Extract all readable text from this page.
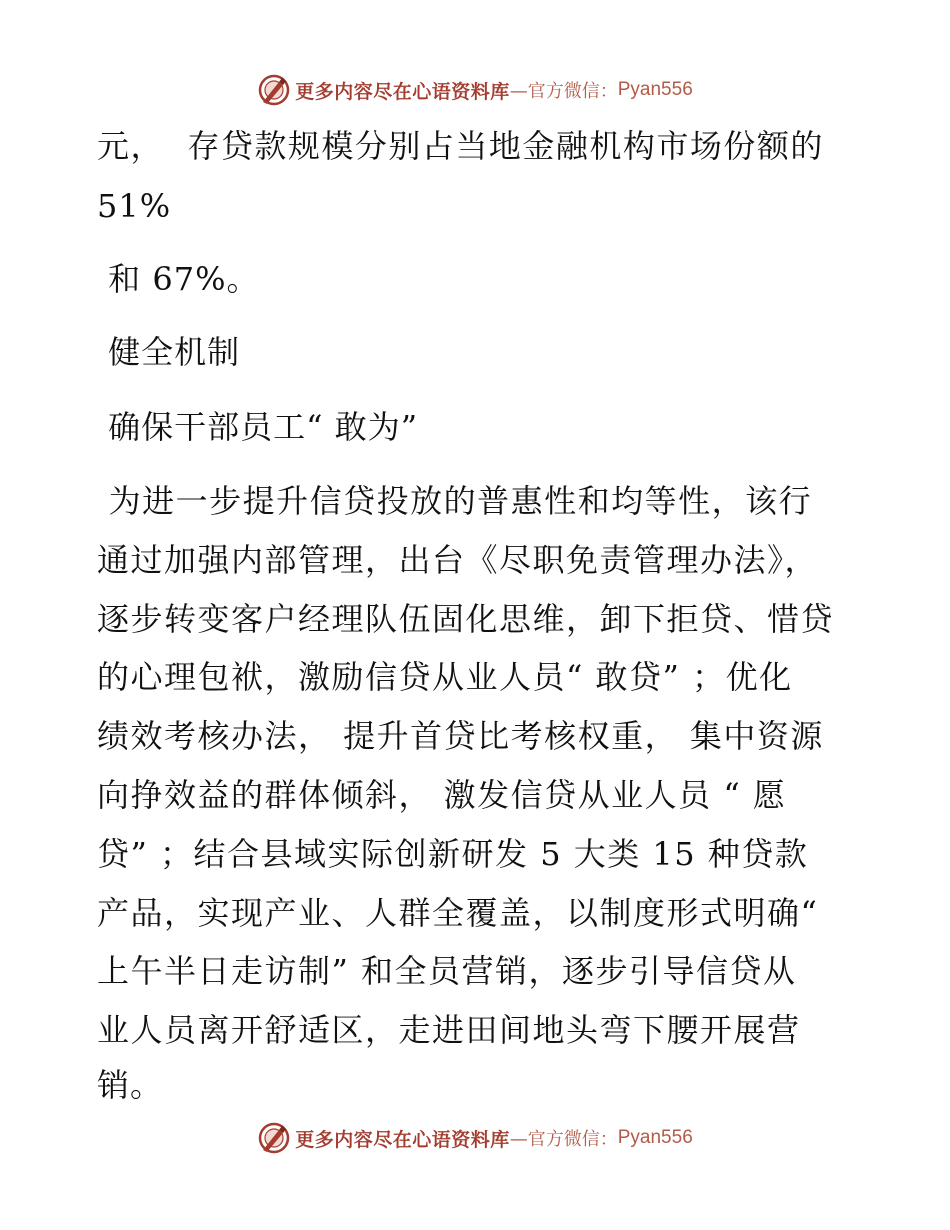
更多内容尽在心语资料库 —官方微信： Pyan556

元，  存贷款规模分别占当地金融机构市场份额的

51%

和 67%。

健全机制

确保干部员工“ 敢为”

为进一步提升信贷投放的普惠性和均等性，该行

通过加强内部管理，出台《尽职免责管理办法》，

逐步转变客户经理队伍固化思维，卸下拒贷、惜贷

的心理包袱，激励信贷从业人员“ 敢贷” ；优化

绩效考核办法， 提升首贷比考核权重， 集中资源

向挣效益的群体倾斜， 激发信贷从业人员 “ 愿

贷” ；结合县域实际创新研发 5 大类 15 种贷款

产品，实现产业、人群全覆盖，以制度形式明确“

上午半日走访制” 和全员营销，逐步引导信贷从

业人员离开舒适区，走进田间地头弯下腰开展营

销。

更多内容尽在心语资料库 —官方微信： Pyan556
